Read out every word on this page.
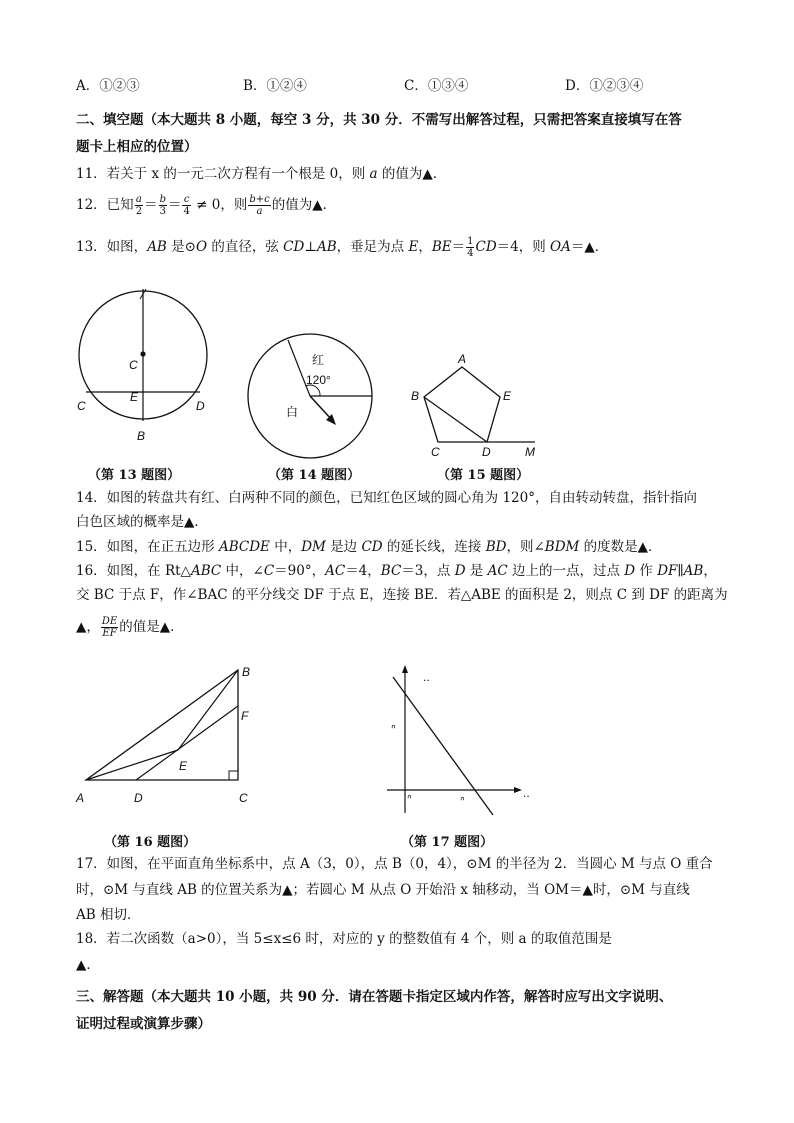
A．①②③	B．①②④	C．①③④	D．①②③④
二、填空题（本大题共 8 小题，每空 3 分，共 30 分．不需写出解答过程，只需把答案直接填写在答
题卡上相应的位置）
11．若关于 x 的一元二次方程有一个根是 0，则 a 的值为▲．
12．已知 $\frac{a}{2} = \frac{b}{3} = \frac{c}{4} \ne 0$，则 $\frac{b+c}{a}$ 的值为▲．
13．如图，AB 是⊙O 的直径，弦 CD⊥AB，垂足为点 E，$BE= \frac{1}{4} CD=4$，则 OA＝▲．
C
E
C	D
B
（第 13 题图）
红
120°
白
（第 14 题图）
A
B	E
C	D	M
（第 15 题图）
14．如图的转盘共有红、白两种不同的颜色，已知红色区域的圆心角为 120°，自由转动转盘，指针指向
白色区域的概率是▲．
15．如图，在正五边形 ABCDE 中，DM 是边 CD 的延长线，连接 BD，则∠BDM 的度数是▲．
16．如图，在 Rt△ABC 中，∠C＝90°，AC＝4，BC＝3，点 D 是 AC 边上的一点，过点 D 作 DF∥AB，
交 BC 于点 F，作∠BAC 的平分线交 DF 于点 E，连接 BE．若△ABE 的面积是 2，则点 C 到 DF 的距离为
▲， $\frac{DE}{EF}$ 的值是▲．
B
F
E
A	D	C
（第 16 题图）
..
..
ᐢ
ᐢ	ᐢ
（第 17 题图）
17．如图，在平面直角坐标系中，点 A（3，0），点 B（0，4），⊙M 的半径为 2．当圆心 M 与点 O 重合
时，⊙M 与直线 AB 的位置关系为▲；若圆心 M 从点 O 开始沿 x 轴移动，当 OM＝▲时，⊙M 与直线
AB 相切．
18．若二次函数（a>0），当 5≤x≤6 时，对应的 y 的整数值有 4 个，则 a 的取值范围是
▲．
三、解答题（本大题共 10 小题，共 90 分．请在答题卡指定区域内作答，解答时应写出文字说明、
证明过程或演算步骤）
